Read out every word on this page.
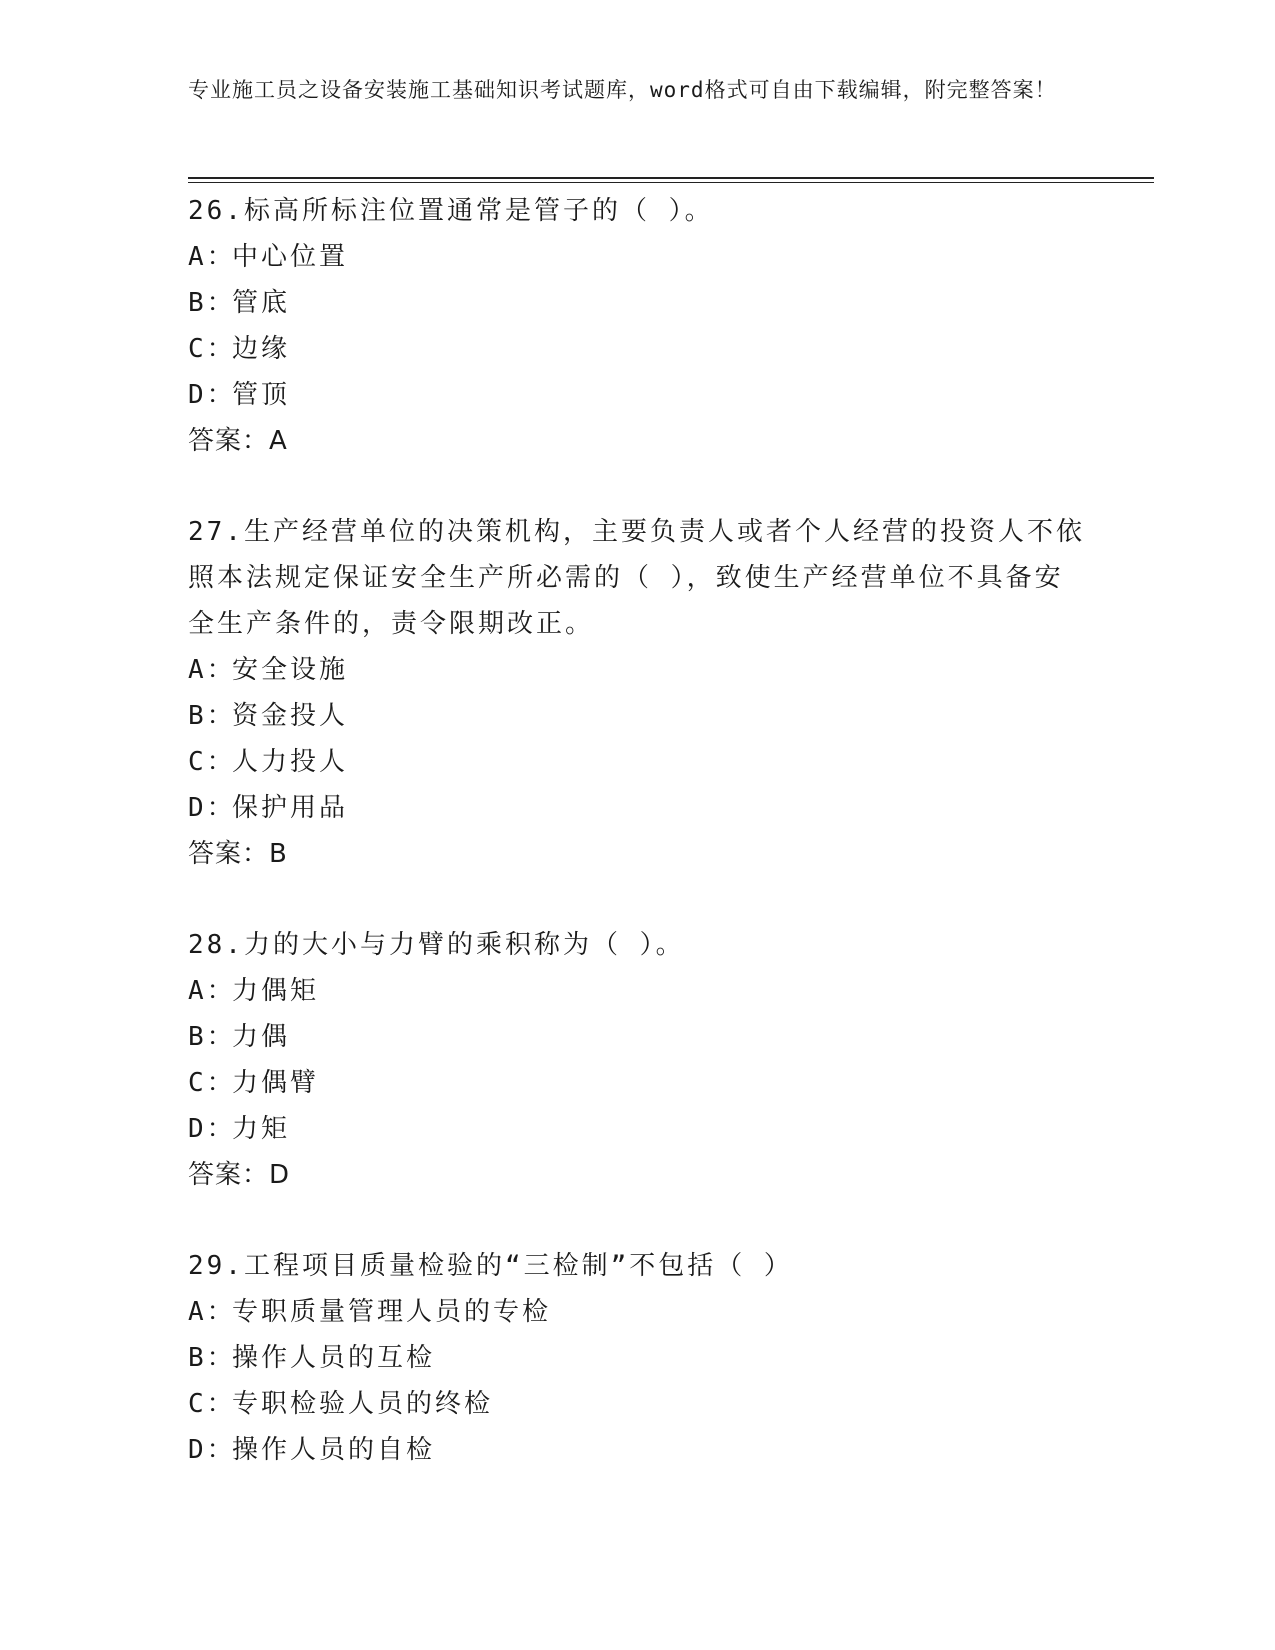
专业施工员之设备安装施工基础知识考试题库，word格式可自由下载编辑，附完整答案！
26.标高所标注位置通常是管子的（ ）。
A：中心位置
B：管底
C：边缘
D：管顶
答案：A
27.生产经营单位的决策机构，主要负责人或者个人经营的投资人不依照本法规定保证安全生产所必需的（ ），致使生产经营单位不具备安全生产条件的，责令限期改正。
A：安全设施
B：资金投人
C：人力投人
D：保护用品
答案：B
28.力的大小与力臂的乘积称为（ ）。
A：力偶矩
B：力偶
C：力偶臂
D：力矩
答案：D
29.工程项目质量检验的“三检制”不包括（ ）
A：专职质量管理人员的专检
B：操作人员的互检
C：专职检验人员的终检
D：操作人员的自检
